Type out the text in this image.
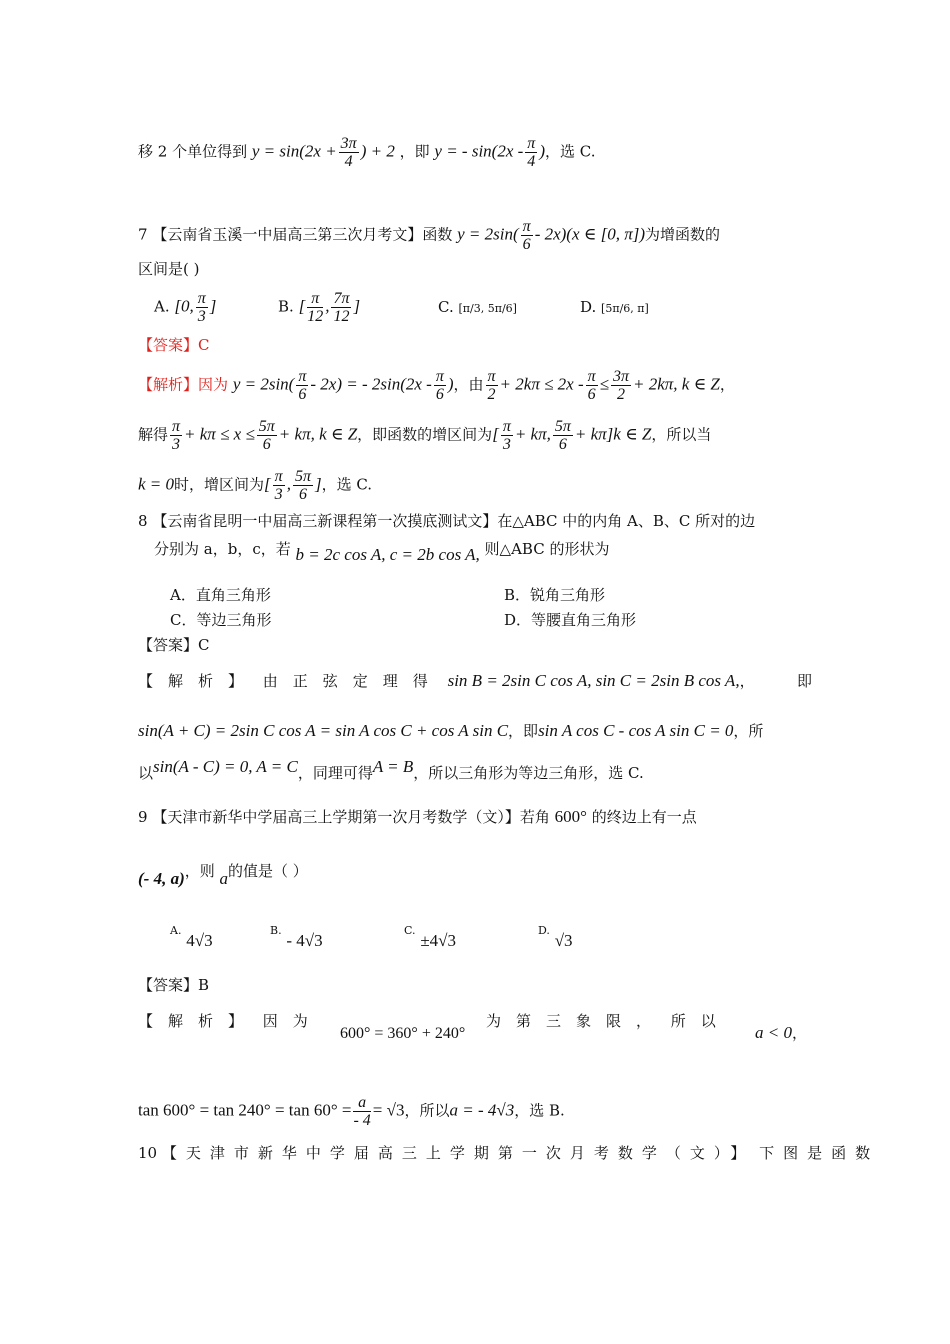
移 2 个单位得到 $y = \sin(2x + \frac{3\pi}{4}$ ) + 2 ，即 y = - $\sin(2x - \frac{\pi}{4}$ )，选 C.
7 【云南省玉溪一中届高三第三次月考文】函数 $y = 2\sin( \frac{\pi}{6} - 2x)(x$ ∈ [0, π])为增函数的
区间是( )
A. [0, $\frac{\pi}{3}$ ]	B. [ $\frac{\pi}{12}$ , $\frac{7\pi}{12}$ ]	C. [π/3, 5π/6]	D. [5π/6, π]
【答案】C
【解析】因为 $y = 2\sin( \frac{\pi}{6} - 2x)$ = - $2\sin(2x - \frac{\pi}{6}$ )，由 $\frac{\pi}{2} + 2k\pi \le 2x - \frac{\pi}{6} \le \frac{3\pi}{2} + 2k\pi$, k ∈ Z，
解得 $\frac{\pi}{3} + k\pi \le x \le \frac{5\pi}{6} + k\pi$, k ∈ Z，即函数的增区间为[ $\frac{\pi}{3} + k\pi$, $\frac{5\pi}{6} + k\pi]k$ ∈ Z，所以当
k = 0时，增区间为[ $\frac{\pi}{3}$ , $\frac{5\pi}{6}$ ]，选 C.
8 【云南省昆明一中届高三新课程第一次摸底测试文】在△ABC 中的内角 A、B、C 所对的边
分别为 a，b，c，若 b = 2c cos A, c = 2b cos A, 则△ABC 的形状为
A．直角三角形	B．锐角三角形
C．等边三角形	D．等腰直角三角形
【答案】C
【解析】 由正弦定理得 sin B = 2sin C cos A, sin C = 2sin B cos A,，	即
sin(A + C) = 2sin C cos A = sin A cos C + cos A sin C，即sin A cos C - cos A sin C = 0，所
以sin(A - C) = 0, A = C，同理可得A = B，所以三角形为等边三角形，选 C.
9 【天津市新华中学届高三上学期第一次月考数学（文）】若角 600° 的终边上有一点
(- 4, a)，则 a的值是（ ）
$^{A.}$ 4√3
$^{B.}$ - 4√3
$^{C.}$ ±4√3
$^{D.}$ √3
【答案】B
【解析】 因为
600° = 360° + 240°
为第三象限， 所以
a < 0，
$\tan 600^\circ = \tan 240^\circ = \tan 60^\circ = \frac{a}{- 4} = √3$，所以a = - 4√3，选 B.
10 【天津市新华中学届高三上学期第一次月考数学（文）】 下图是函数
